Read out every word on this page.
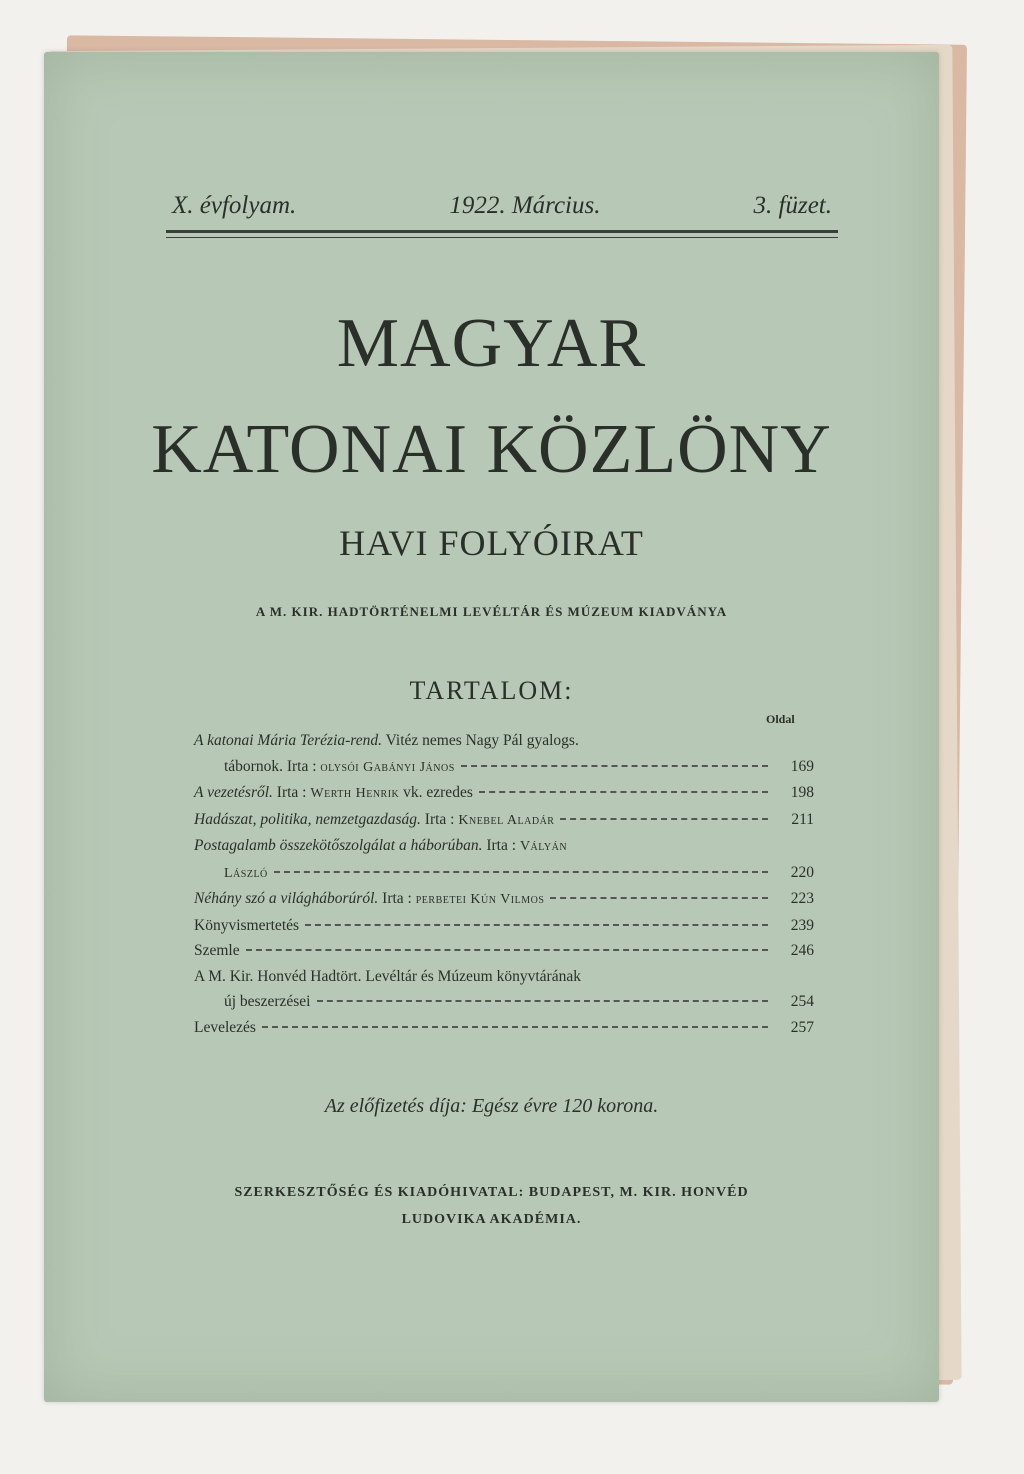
X. évfolyam.	1922. Március.	3. füzet.
MAGYAR
KATONAI KÖZLÖNY
HAVI FOLYÓIRAT
A M. KIR. HADTÖRTÉNELMI LEVÉLTÁR ÉS MÚZEUM KIADVÁNYA
TARTALOM:
Oldal
A katonai Mária Terézia-rend. Vitéz nemes Nagy Pál gyalogs.
tábornok. Irta : olysói Gabányi János	169
A vezetésről. Irta : Werth Henrik vk. ezredes	198
Hadászat, politika, nemzetgazdaság. Irta : Knebel Aladár	211
Postagalamb összekötőszolgálat a háborúban. Irta : Vályán
László	220
Néhány szó a világháborúról. Irta : perbetei Kún Vilmos	223
Könyvismertetés	239
Szemle	246
A M. Kir. Honvéd Hadtört. Levéltár és Múzeum könyvtárának
új beszerzései	254
Levelezés	257
Az előfizetés díja: Egész évre 120 korona.
SZERKESZTŐSÉG ÉS KIADÓHIVATAL: BUDAPEST, M. KIR. HONVÉD
LUDOVIKA AKADÉMIA.
